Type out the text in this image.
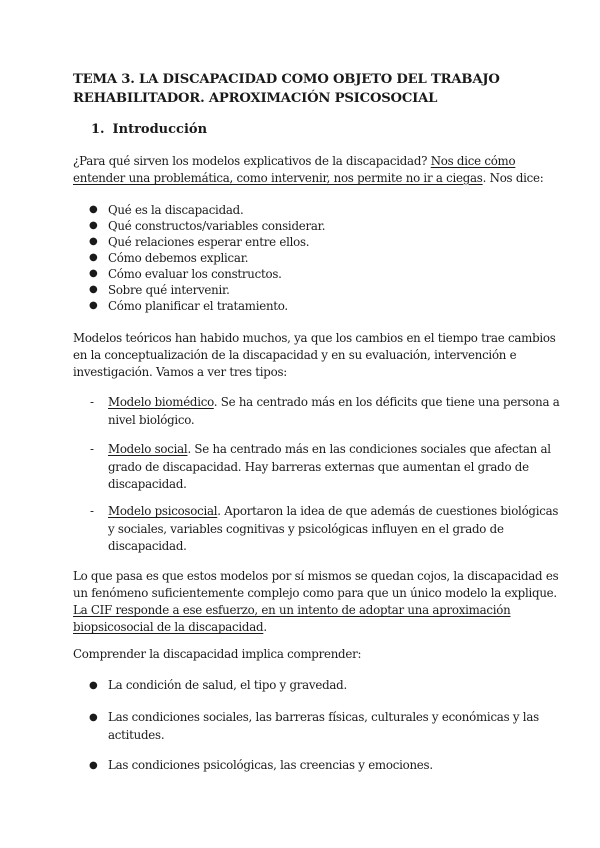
TEMA 3. LA DISCAPACIDAD COMO OBJETO DEL TRABAJO
REHABILITADOR. APROXIMACIÓN PSICOSOCIAL
1. Introducción
¿Para qué sirven los modelos explicativos de la discapacidad? Nos dice cómo
entender una problemática, como intervenir, nos permite no ir a ciegas. Nos dice:
● Qué es la discapacidad.
● Qué constructos/variables considerar.
● Qué relaciones esperar entre ellos.
● Cómo debemos explicar.
● Cómo evaluar los constructos.
● Sobre qué intervenir.
● Cómo planificar el tratamiento.
Modelos teóricos han habido muchos, ya que los cambios en el tiempo trae cambios
en la conceptualización de la discapacidad y en su evaluación, intervención e
investigación. Vamos a ver tres tipos:
- Modelo biomédico. Se ha centrado más en los déficits que tiene una persona a
nivel biológico.
- Modelo social. Se ha centrado más en las condiciones sociales que afectan al
grado de discapacidad. Hay barreras externas que aumentan el grado de
discapacidad.
- Modelo psicosocial. Aportaron la idea de que además de cuestiones biológicas
y sociales, variables cognitivas y psicológicas influyen en el grado de
discapacidad.
Lo que pasa es que estos modelos por sí mismos se quedan cojos, la discapacidad es
un fenómeno suficientemente complejo como para que un único modelo la explique.
La CIF responde a ese esfuerzo, en un intento de adoptar una aproximación
biopsicosocial de la discapacidad.
Comprender la discapacidad implica comprender:
● La condición de salud, el tipo y gravedad.
● Las condiciones sociales, las barreras físicas, culturales y económicas y las
actitudes.
● Las condiciones psicológicas, las creencias y emociones.
